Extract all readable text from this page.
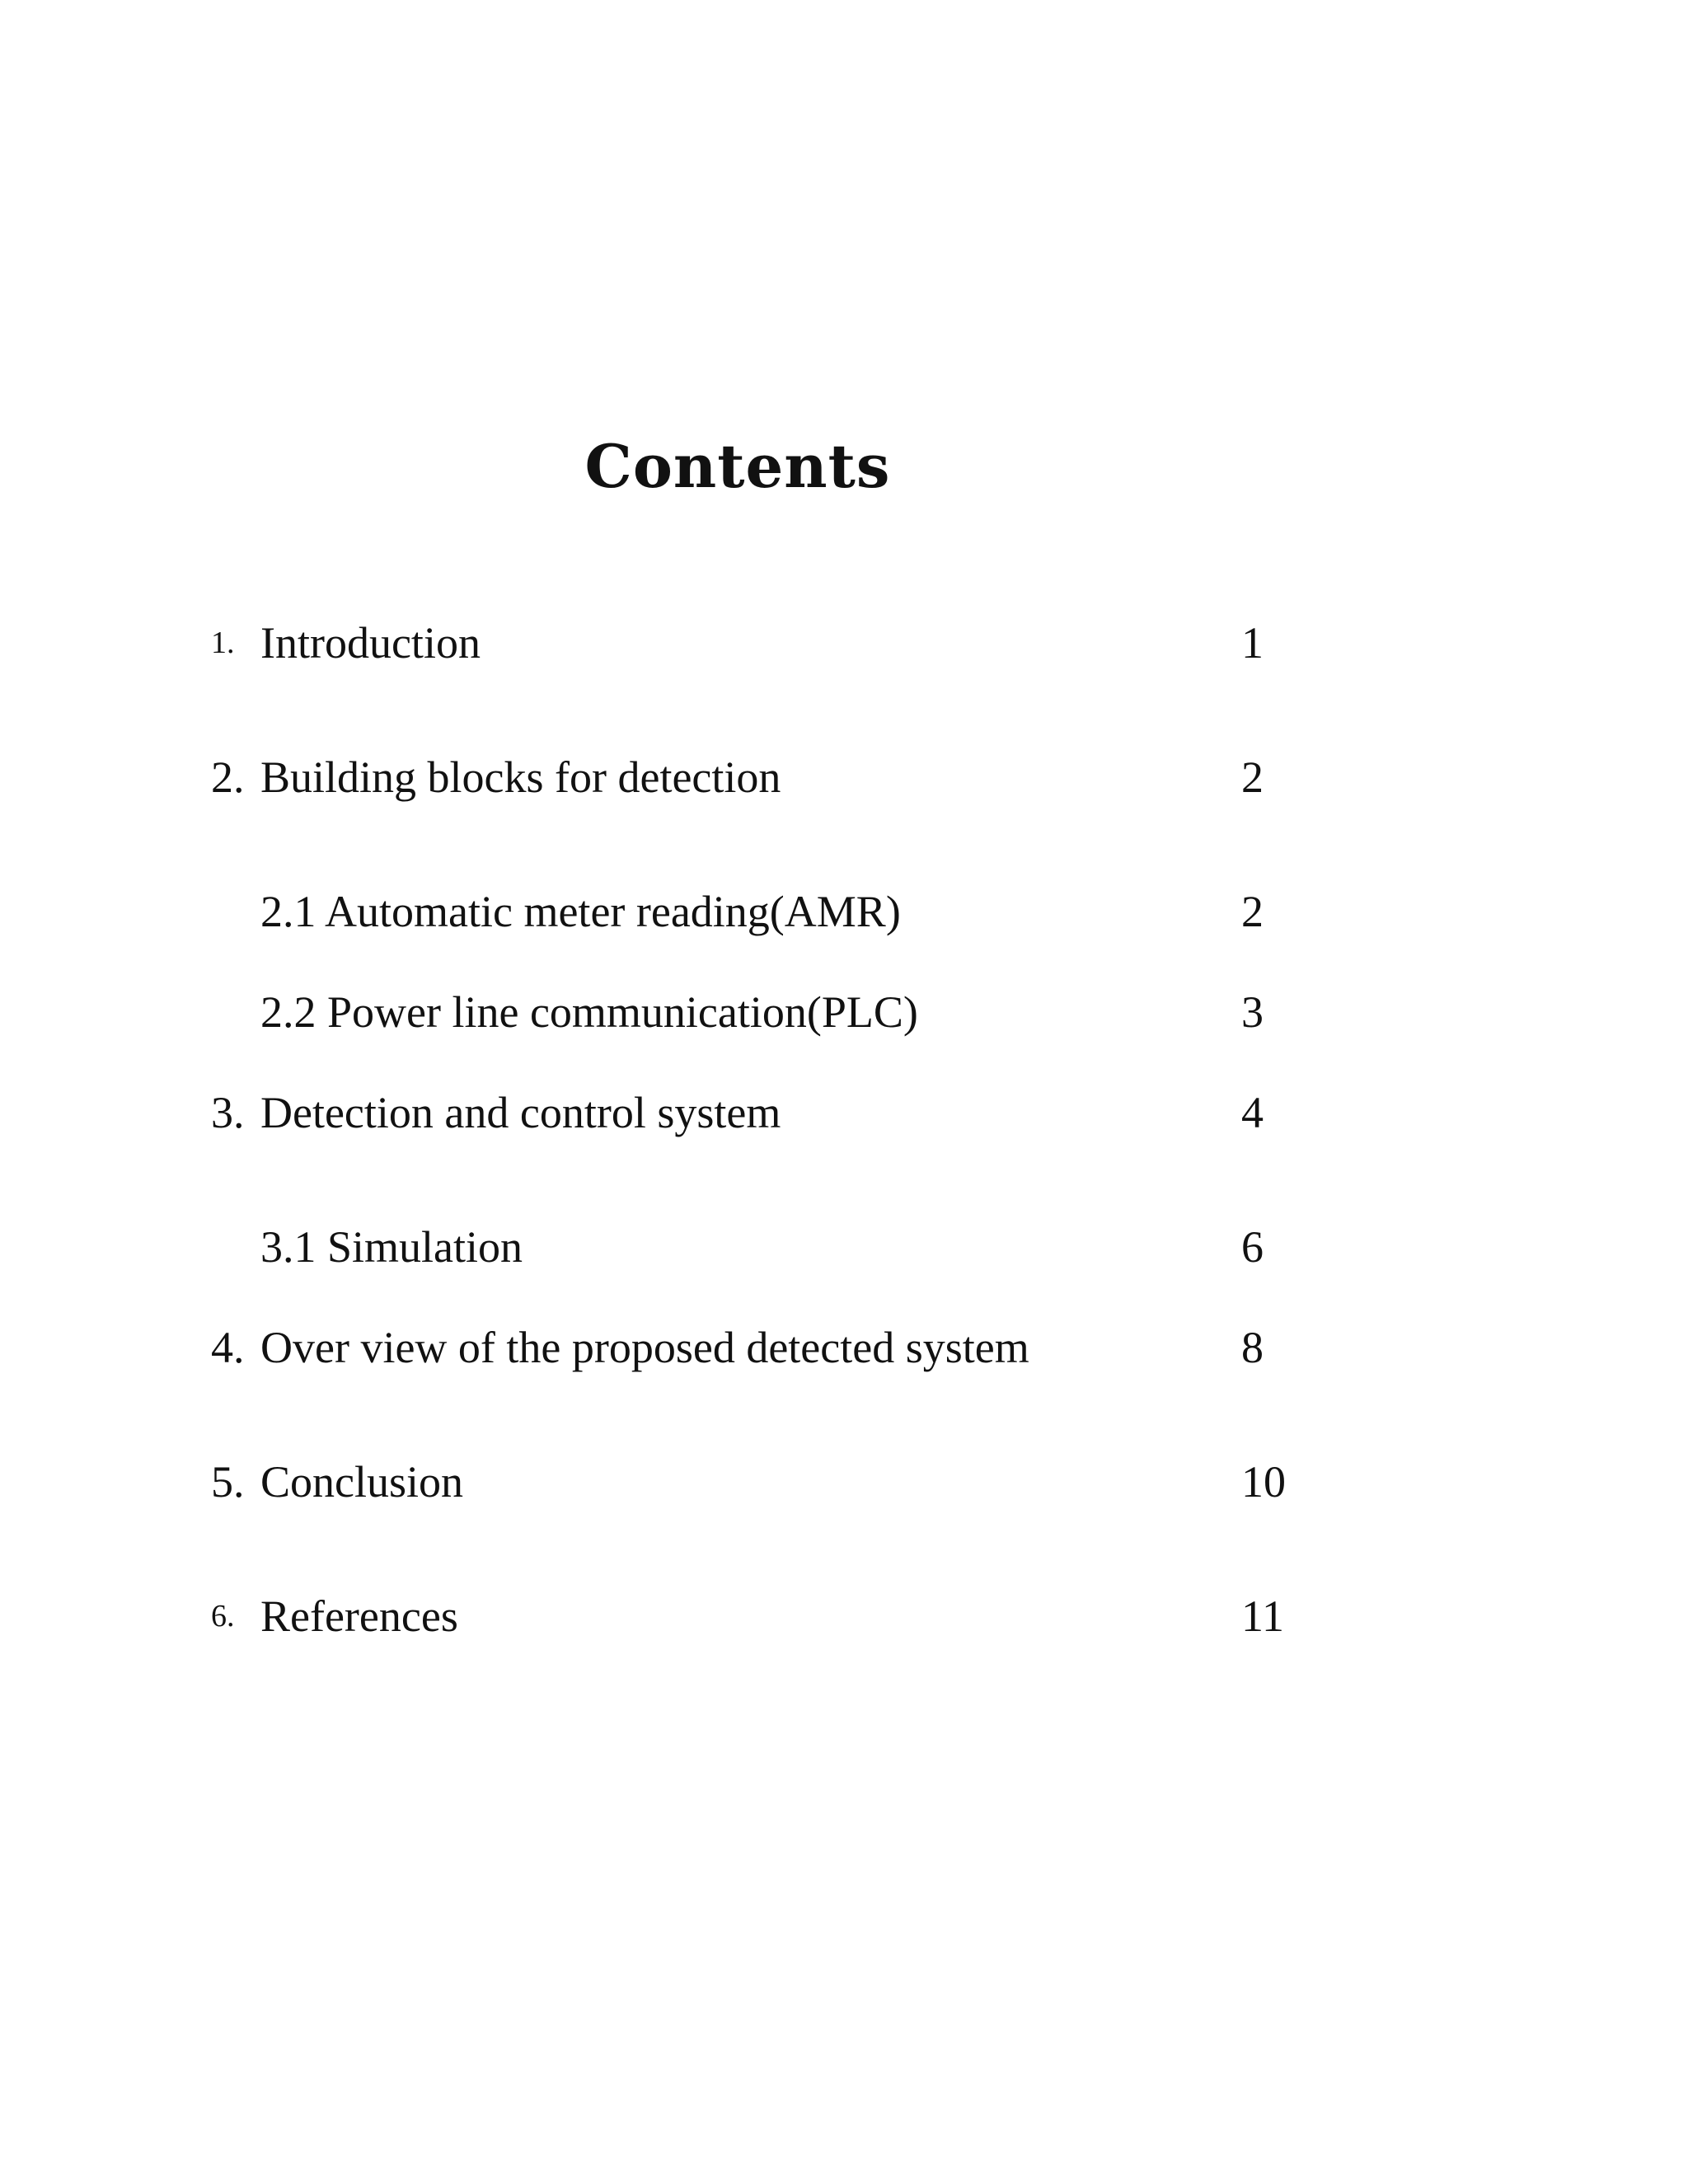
Contents
1. Introduction	1
2. Building blocks for detection	2
2.1 Automatic meter reading(AMR)	2
2.2 Power line communication(PLC)	3
3. Detection and control system	4
3.1 Simulation	6
4. Over view of the proposed detected system	8
5. Conclusion	10
6. References	11
